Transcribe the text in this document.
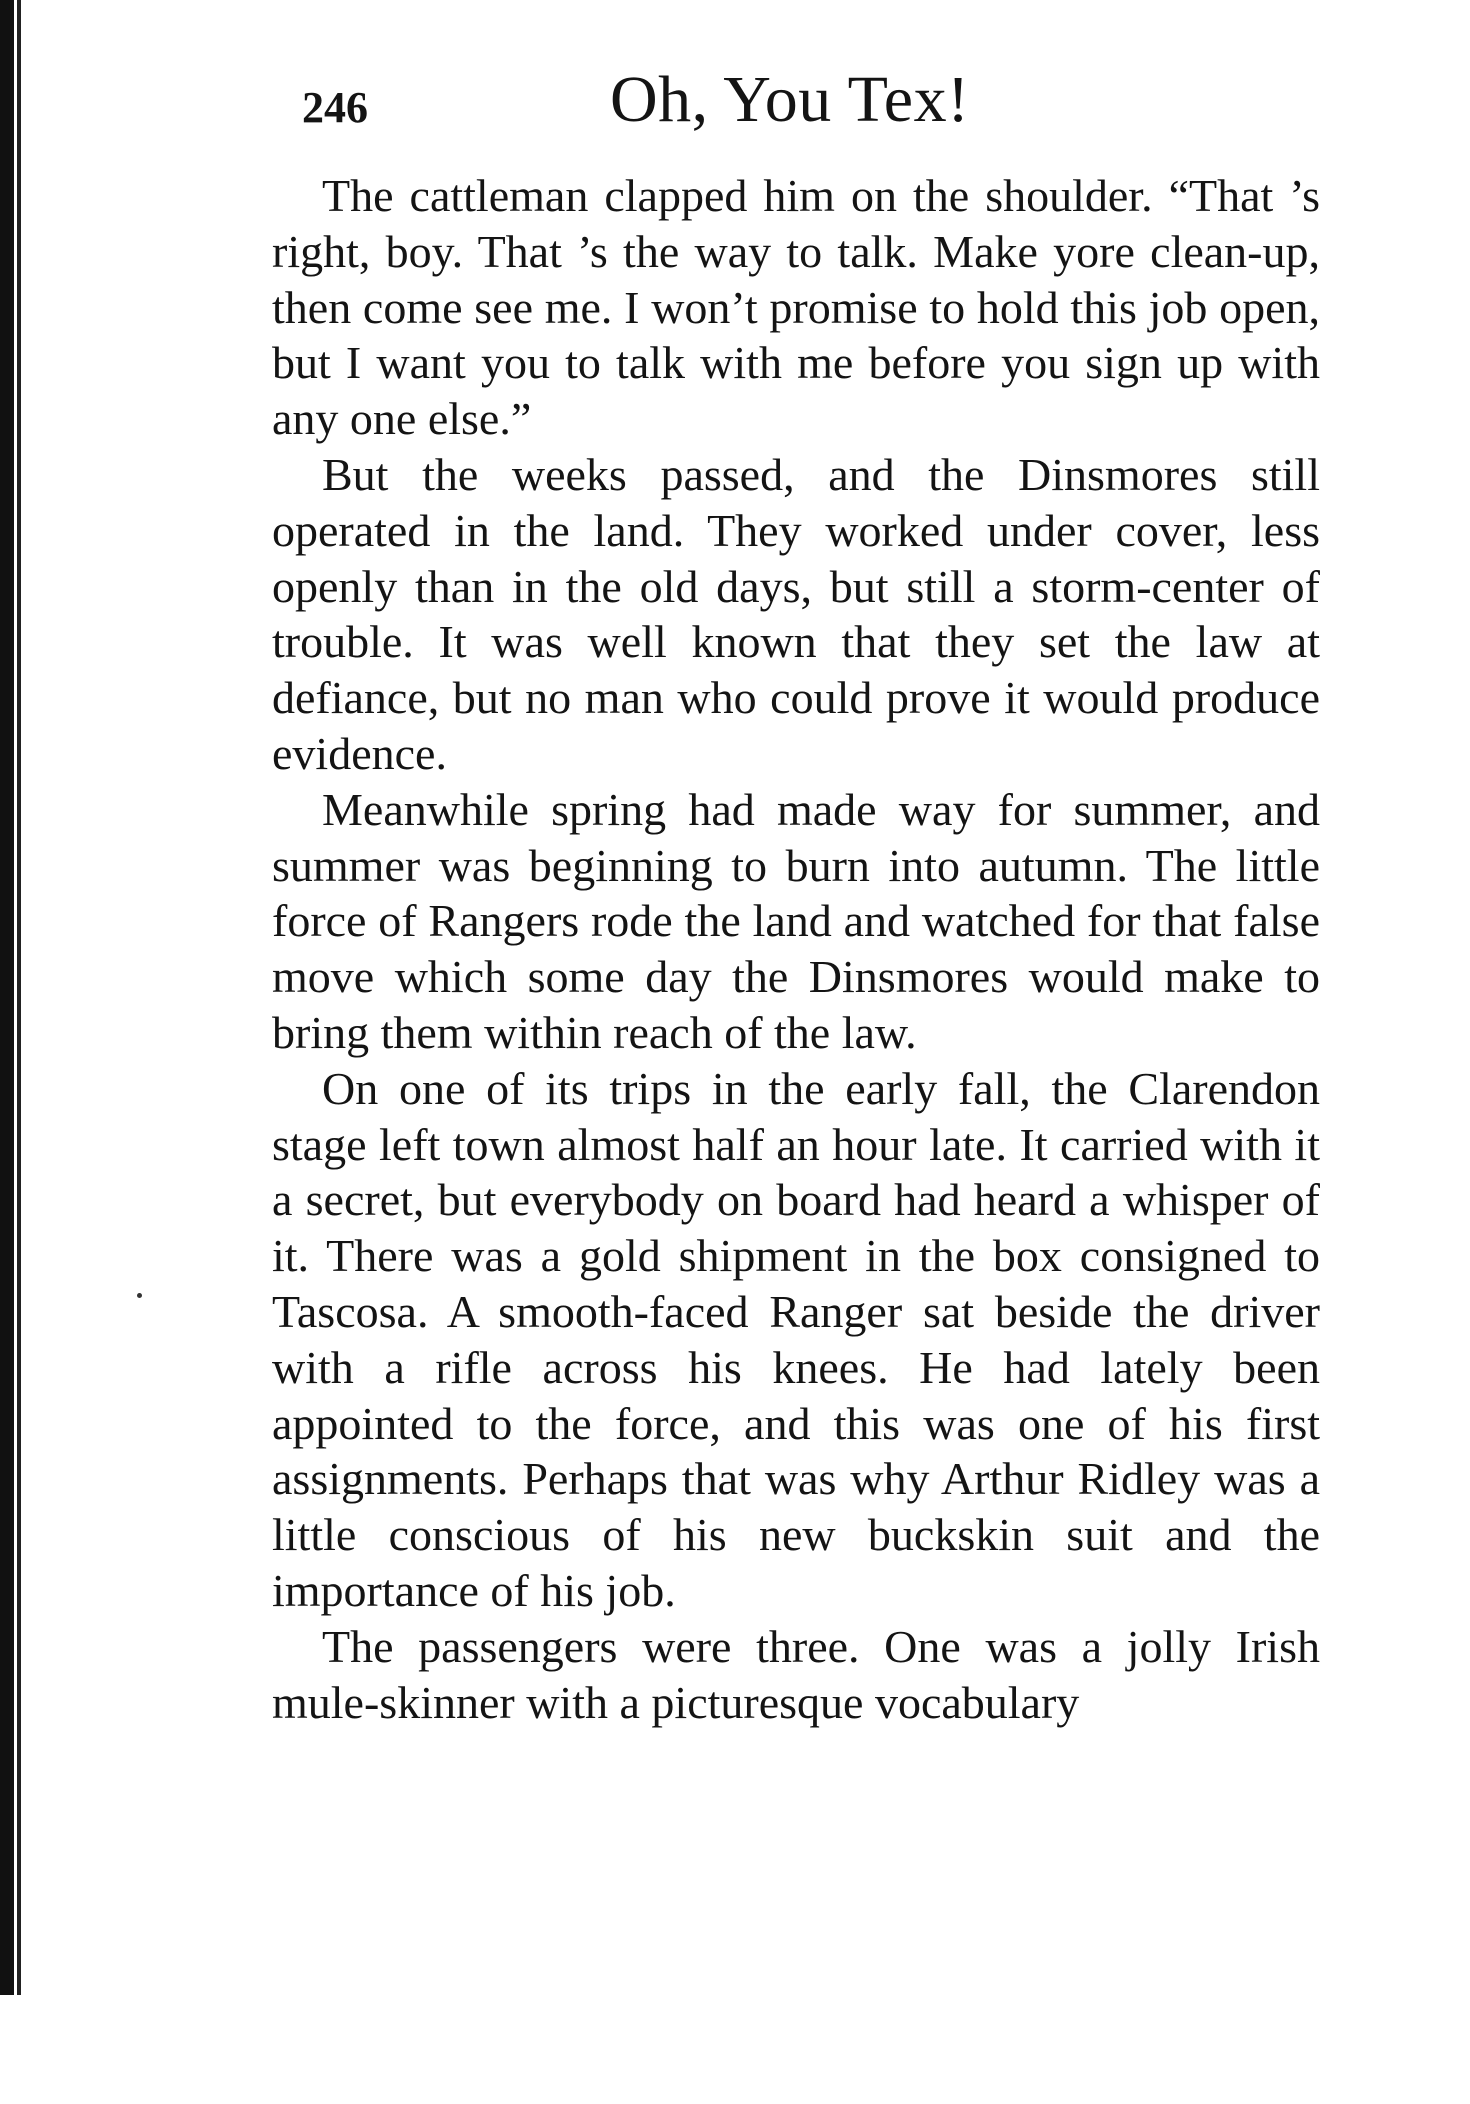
246	Oh, You Tex!

The cattleman clapped him on the shoulder. “That ’s right, boy. That ’s the way to talk. Make yore clean-up, then come see me. I won’t promise to hold this job open, but I want you to talk with me before you sign up with any one else.”

But the weeks passed, and the Dinsmores still operated in the land. They worked under cover, less openly than in the old days, but still a storm-center of trouble. It was well known that they set the law at defiance, but no man who could prove it would produce evidence.

Meanwhile spring had made way for summer, and summer was beginning to burn into autumn. The little force of Rangers rode the land and watched for that false move which some day the Dinsmores would make to bring them within reach of the law.

On one of its trips in the early fall, the Clarendon stage left town almost half an hour late. It carried with it a secret, but everybody on board had heard a whisper of it. There was a gold shipment in the box consigned to Tascosa. A smooth-faced Ranger sat beside the driver with a rifle across his knees. He had lately been appointed to the force, and this was one of his first assignments. Perhaps that was why Arthur Ridley was a little conscious of his new buckskin suit and the importance of his job.

The passengers were three. One was a jolly Irish mule-skinner with a picturesque vocabulary
